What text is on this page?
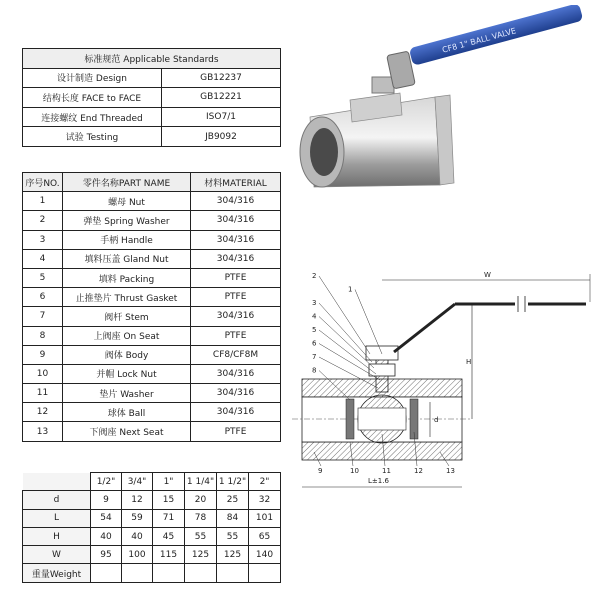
标准规范 Applicable Standards	
设计制造 Design	GB12237
结构长度 FACE to FACE	GB12221
连接螺纹 End Threaded	ISO7/1
试验 Testing	JB9092
序号NO.	零件名称PART NAME	材料MATERIAL
1	螺母 Nut	304/316
2	弹垫 Spring Washer	304/316
3	手柄 Handle	304/316
4	填料压盖 Gland Nut	304/316
5	填料 Packing	PTFE
6	止推垫片 Thrust Gasket	PTFE
7	阀杆 Stem	304/316
8	上阀座 On Seat	PTFE
9	阀体 Body	CF8/CF8M
10	并帽 Lock Nut	304/316
11	垫片 Washer	304/316
12	球体 Ball	304/316
13	下阀座 Next Seat	PTFE
	1/2"	3/4"	1"	1 1/4"	1 1/2"	2"
d	9	12	15	20	25	32
L	54	59	71	78	84	101
H	40	40	45	55	55	65
W	95	100	115	125	125	140
重量Weight						
CF8 1" BALL VALVE
W
H
d
L±1.6
2
1
3
4
5
6
7
8
9	10	11	12	13
